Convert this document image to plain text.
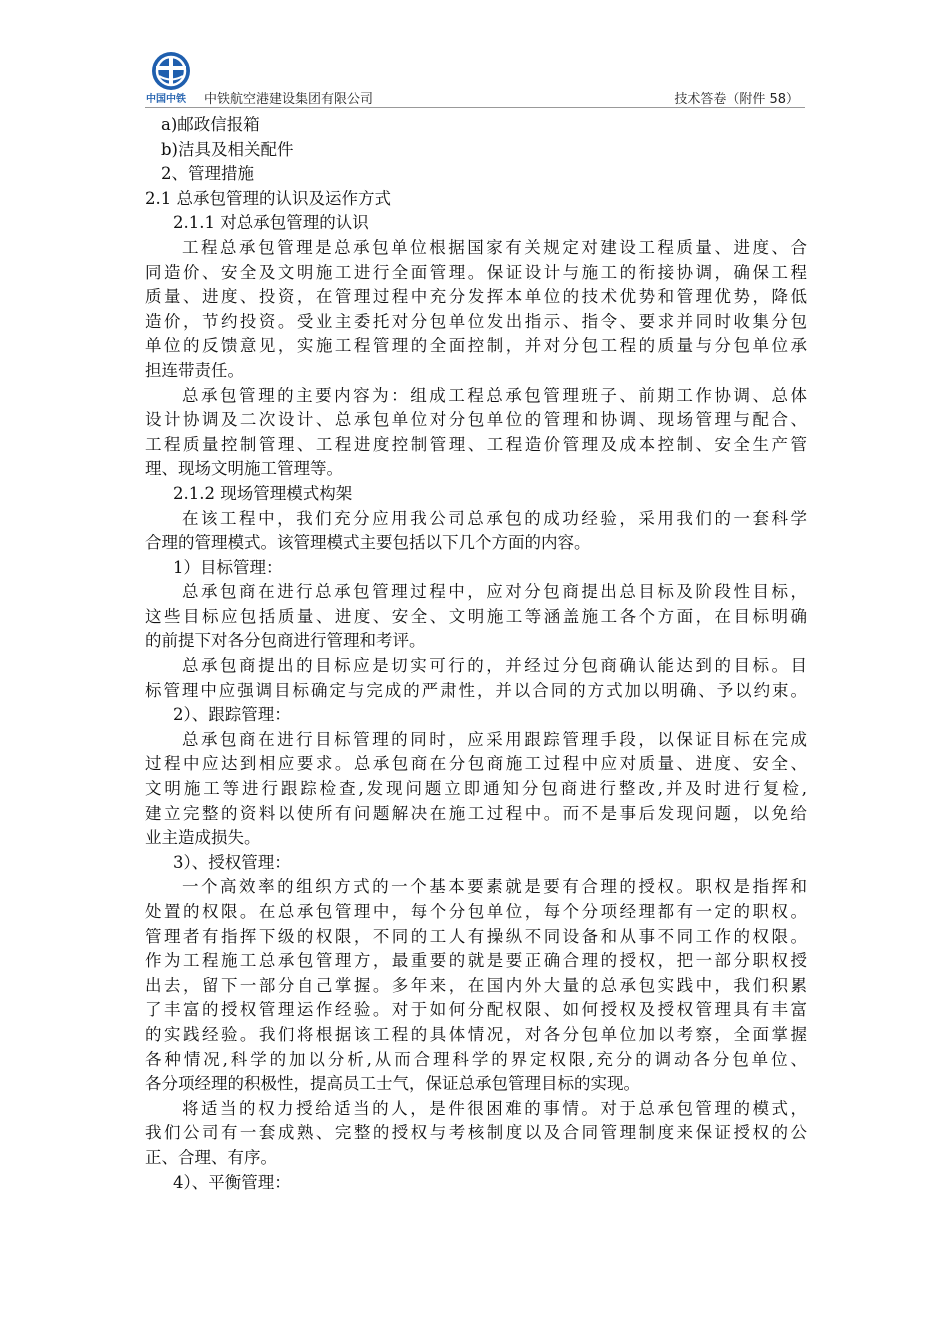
中国中铁 中铁航空港建设集团有限公司	技术答卷（附件 58）
a)邮政信报箱
b)洁具及相关配件
2、管理措施
2.1 总承包管理的认识及运作方式
2.1.1 对总承包管理的认识
工程总承包管理是总承包单位根据国家有关规定对建设工程质量、进度、合
同造价、安全及文明施工进行全面管理。保证设计与施工的衔接协调，确保工程
质量、进度、投资，在管理过程中充分发挥本单位的技术优势和管理优势，降低
造价，节约投资。受业主委托对分包单位发出指示、指令、要求并同时收集分包
单位的反馈意见，实施工程管理的全面控制，并对分包工程的质量与分包单位承
担连带责任。
总承包管理的主要内容为：组成工程总承包管理班子、前期工作协调、总体
设计协调及二次设计、总承包单位对分包单位的管理和协调、现场管理与配合、
工程质量控制管理、工程进度控制管理、工程造价管理及成本控制、安全生产管
理、现场文明施工管理等。
2.1.2 现场管理模式构架
在该工程中，我们充分应用我公司总承包的成功经验，采用我们的一套科学
合理的管理模式。该管理模式主要包括以下几个方面的内容。
1）目标管理：
总承包商在进行总承包管理过程中，应对分包商提出总目标及阶段性目标，
这些目标应包括质量、进度、安全、文明施工等涵盖施工各个方面，在目标明确
的前提下对各分包商进行管理和考评。
总承包商提出的目标应是切实可行的，并经过分包商确认能达到的目标。目
标管理中应强调目标确定与完成的严肃性，并以合同的方式加以明确、予以约束。
2）、跟踪管理：
总承包商在进行目标管理的同时，应采用跟踪管理手段，以保证目标在完成
过程中应达到相应要求。总承包商在分包商施工过程中应对质量、进度、安全、
文明施工等进行跟踪检查,发现问题立即通知分包商进行整改,并及时进行复检,
建立完整的资料以使所有问题解决在施工过程中。而不是事后发现问题，以免给
业主造成损失。
3）、授权管理：
一个高效率的组织方式的一个基本要素就是要有合理的授权。职权是指挥和
处置的权限。在总承包管理中，每个分包单位，每个分项经理都有一定的职权。
管理者有指挥下级的权限，不同的工人有操纵不同设备和从事不同工作的权限。
作为工程施工总承包管理方，最重要的就是要正确合理的授权，把一部分职权授
出去，留下一部分自己掌握。多年来，在国内外大量的总承包实践中，我们积累
了丰富的授权管理运作经验。对于如何分配权限、如何授权及授权管理具有丰富
的实践经验。我们将根据该工程的具体情况，对各分包单位加以考察，全面掌握
各种情况,科学的加以分析,从而合理科学的界定权限,充分的调动各分包单位、
各分项经理的积极性，提高员工士气，保证总承包管理目标的实现。
将适当的权力授给适当的人，是件很困难的事情。对于总承包管理的模式，
我们公司有一套成熟、完整的授权与考核制度以及合同管理制度来保证授权的公
正、合理、有序。
4）、平衡管理：
